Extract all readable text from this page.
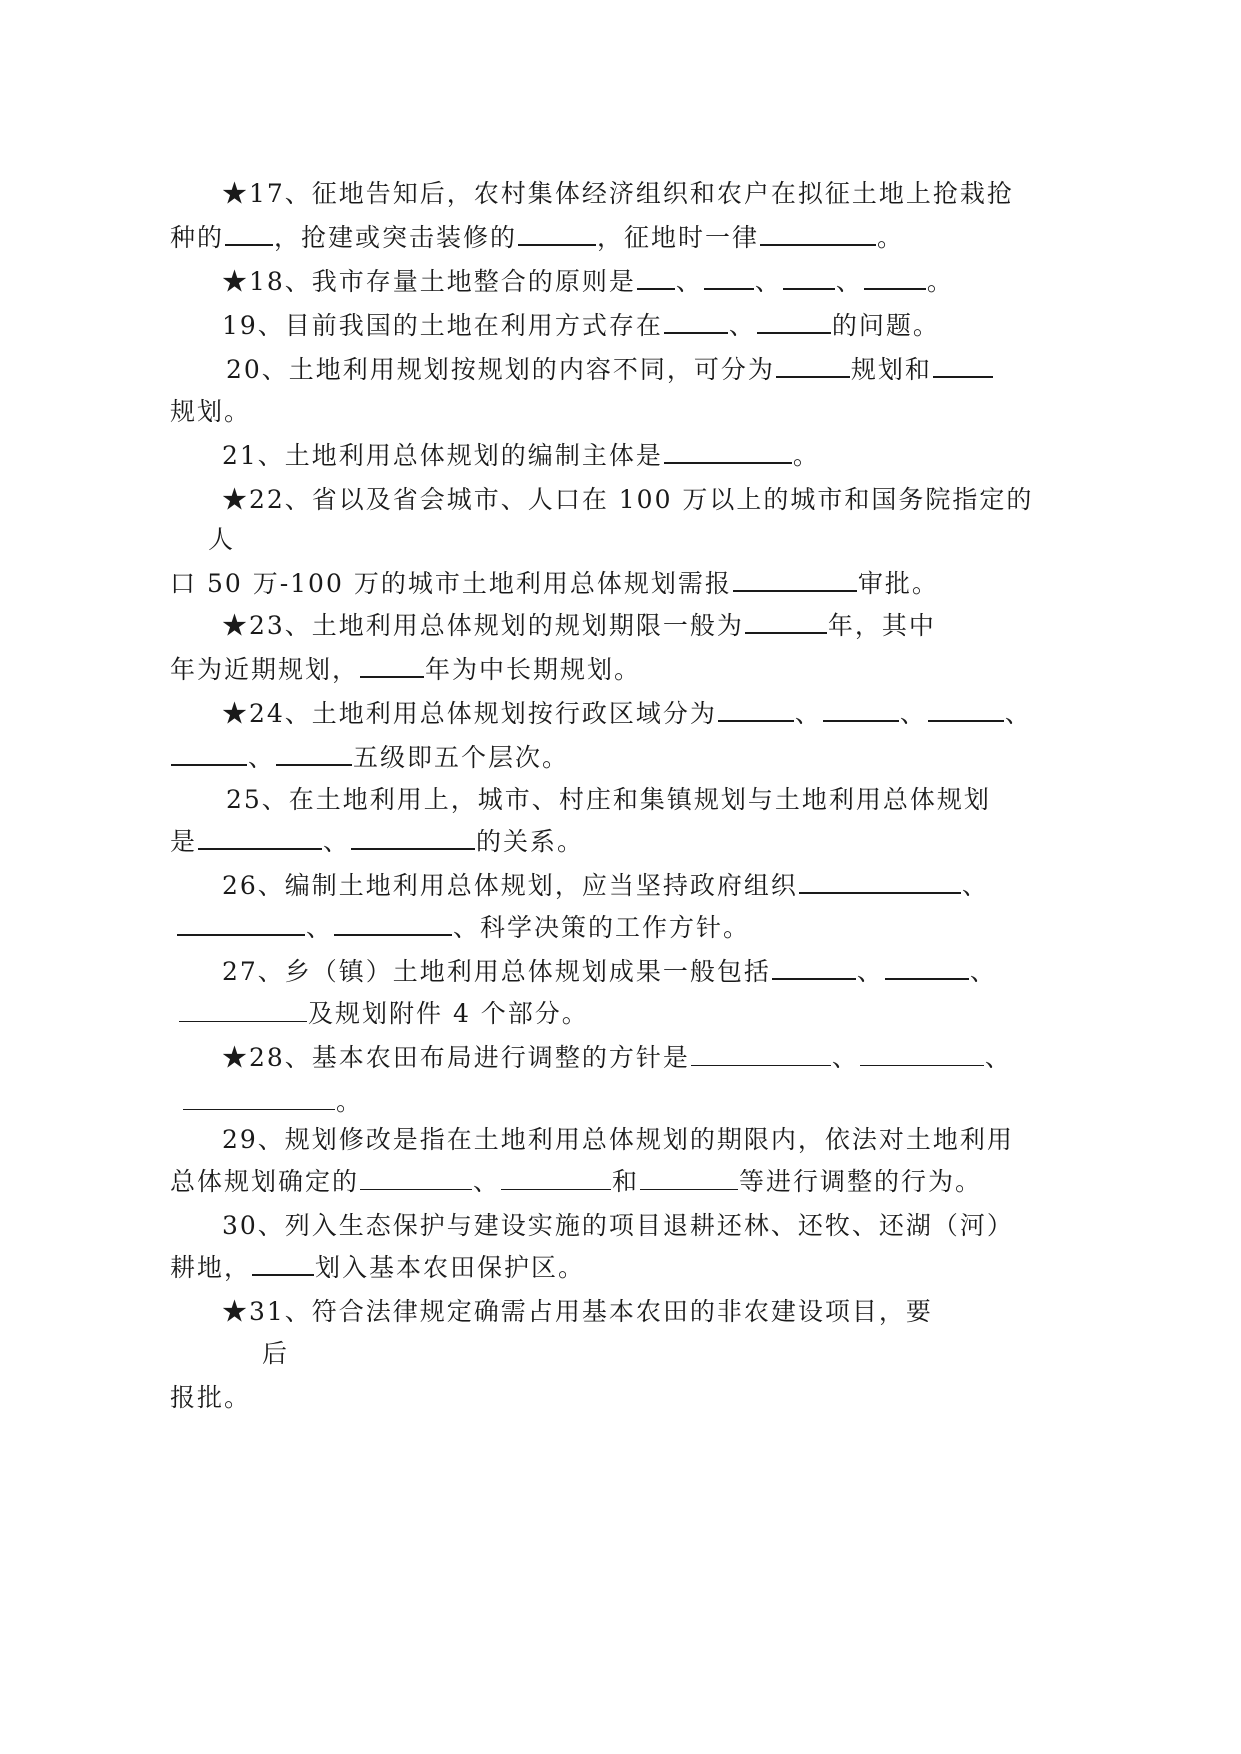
★17、征地告知后，农村集体经济组织和农户在拟征土地上抢栽抢
种的 ，抢建或突击装修的	，征地时一律	。
★18、我市存量土地整合的原则是 、 、 、	。
19、目前我国的土地在利用方式存在	、	的问题。
20、土地利用规划按规划的内容不同，可分为	规划和
规划。
21、土地利用总体规划的编制主体是	。
★22、省以及省会城市、人口在 100 万以上的城市和国务院指定的
人
口 50 万-100 万的城市土地利用总体规划需报	审批。
★23、土地利用总体规划的规划期限一般为	年，其中
年为近期规划，	年为中长期规划。
★24、土地利用总体规划按行政区域分为	、	、	、
、	五级即五个层次。
25、在土地利用上，城市、村庄和集镇规划与土地利用总体规划
是	、	的关系。
26、编制土地利用总体规划，应当坚持政府组织	、
、	、科学决策的工作方针。
27、乡（镇）土地利用总体规划成果一般包括	、	、
及规划附件 4 个部分。
★28、基本农田布局进行调整的方针是	、	、
。
29、规划修改是指在土地利用总体规划的期限内，依法对土地利用
总体规划确定的	、	和	等进行调整的行为。
30、列入生态保护与建设实施的项目退耕还林、还牧、还湖（河）
耕地，	划入基本农田保护区。
★31、符合法律规定确需占用基本农田的非农建设项目，要
后
报批。
